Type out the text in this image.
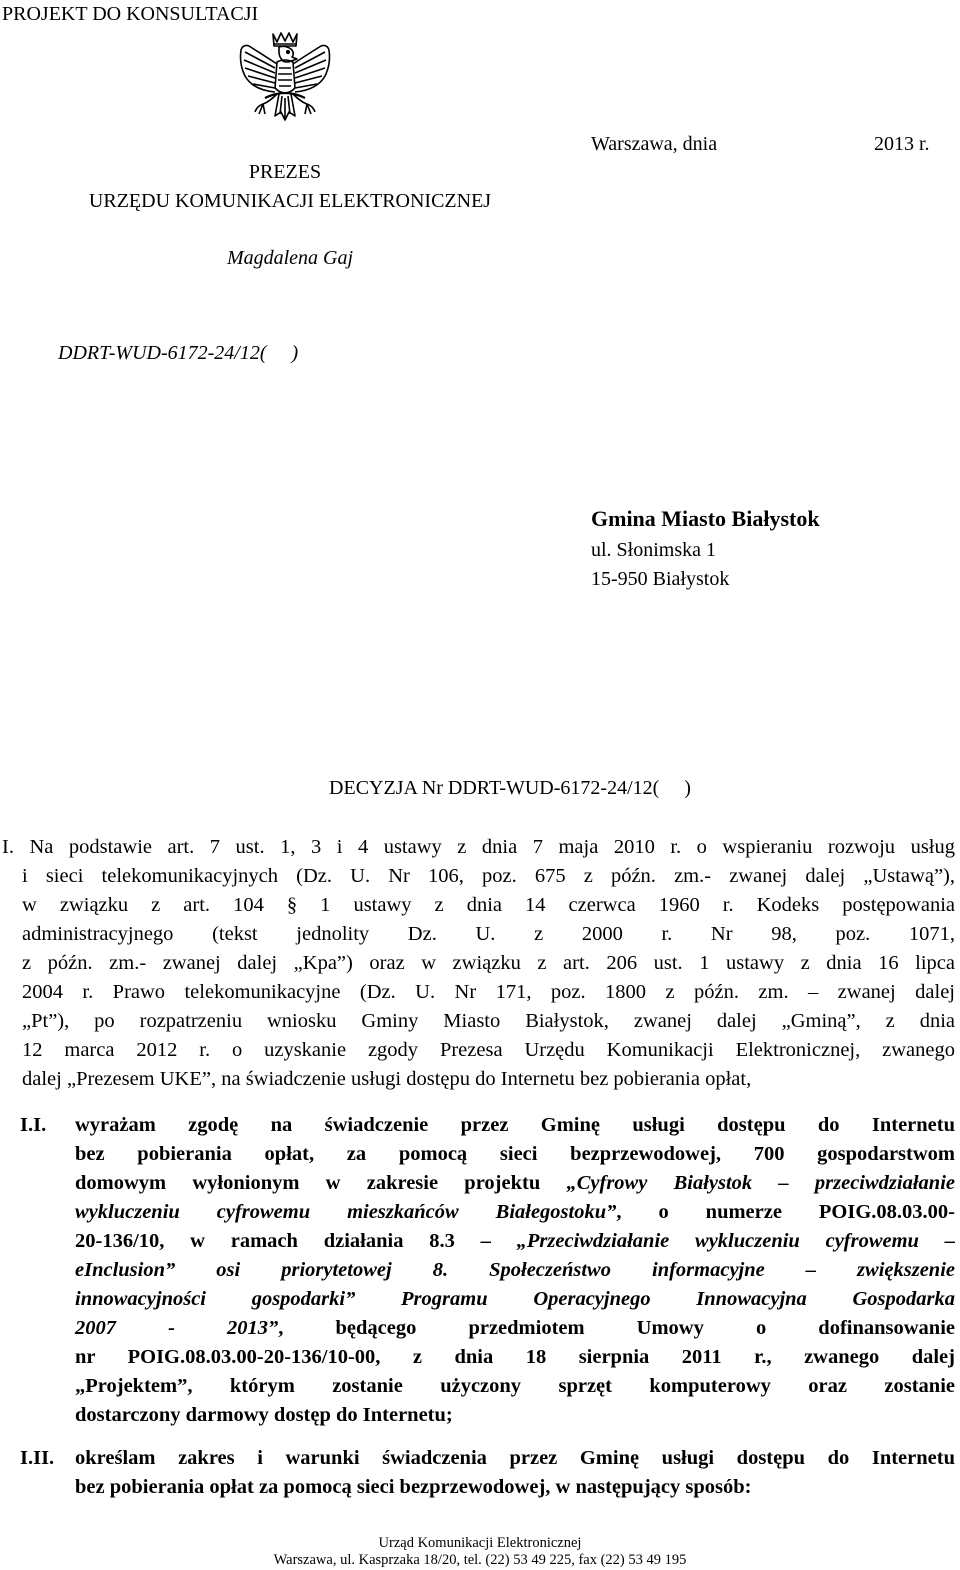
PROJEKT DO KONSULTACJI
PREZES
URZĘDU KOMUNIKACJI ELEKTRONICZNEJ
Magdalena Gaj
Warszawa, dnia	2013 r.
DDRT-WUD-6172-24/12(     )
Gmina Miasto Białystok
ul. Słonimska 1
15-950 Białystok
DECYZJA Nr DDRT-WUD-6172-24/12(     )
I. Na podstawie art. 7 ust. 1, 3 i 4 ustawy z dnia 7 maja 2010 r. o wspieraniu rozwoju usług
i sieci telekomunikacyjnych (Dz. U. Nr 106, poz. 675 z późn. zm.- zwanej dalej „Ustawą”),
w związku z art. 104 § 1 ustawy z dnia 14 czerwca 1960 r. Kodeks postępowania
administracyjnego (tekst jednolity Dz. U. z 2000 r. Nr 98, poz. 1071,
z późn. zm.- zwanej dalej „Kpa”) oraz w związku z art. 206 ust. 1 ustawy z dnia 16 lipca
2004 r. Prawo telekomunikacyjne (Dz. U. Nr 171, poz. 1800 z późn. zm. – zwanej dalej
„Pt”), po rozpatrzeniu wniosku Gminy Miasto Białystok, zwanej dalej „Gminą”, z dnia
12 marca 2012 r. o uzyskanie zgody Prezesa Urzędu Komunikacji Elektronicznej, zwanego
dalej „Prezesem UKE”, na świadczenie usługi dostępu do Internetu bez pobierania opłat,
I.I. wyrażam zgodę na świadczenie przez Gminę usługi dostępu do Internetu
bez pobierania opłat, za pomocą sieci bezprzewodowej, 700 gospodarstwom
domowym wyłonionym w zakresie projektu „Cyfrowy Białystok – przeciwdziałanie
wykluczeniu cyfrowemu mieszkańców Białegostoku”, o numerze POIG.08.03.00-
20-136/10, w ramach działania 8.3 – „Przeciwdziałanie wykluczeniu cyfrowemu –
eInclusion” osi priorytetowej 8. Społeczeństwo informacyjne – zwiększenie
innowacyjności gospodarki” Programu Operacyjnego Innowacyjna Gospodarka
2007 - 2013”, będącego przedmiotem Umowy o dofinansowanie
nr POIG.08.03.00-20-136/10-00, z dnia 18 sierpnia 2011 r., zwanego dalej
„Projektem”, którym zostanie użyczony sprzęt komputerowy oraz zostanie
dostarczony darmowy dostęp do Internetu;
I.II. określam zakres i warunki świadczenia przez Gminę usługi dostępu do Internetu
bez pobierania opłat za pomocą sieci bezprzewodowej, w następujący sposób:
Urząd Komunikacji Elektronicznej
Warszawa, ul. Kasprzaka 18/20, tel. (22) 53 49 225, fax (22) 53 49 195
